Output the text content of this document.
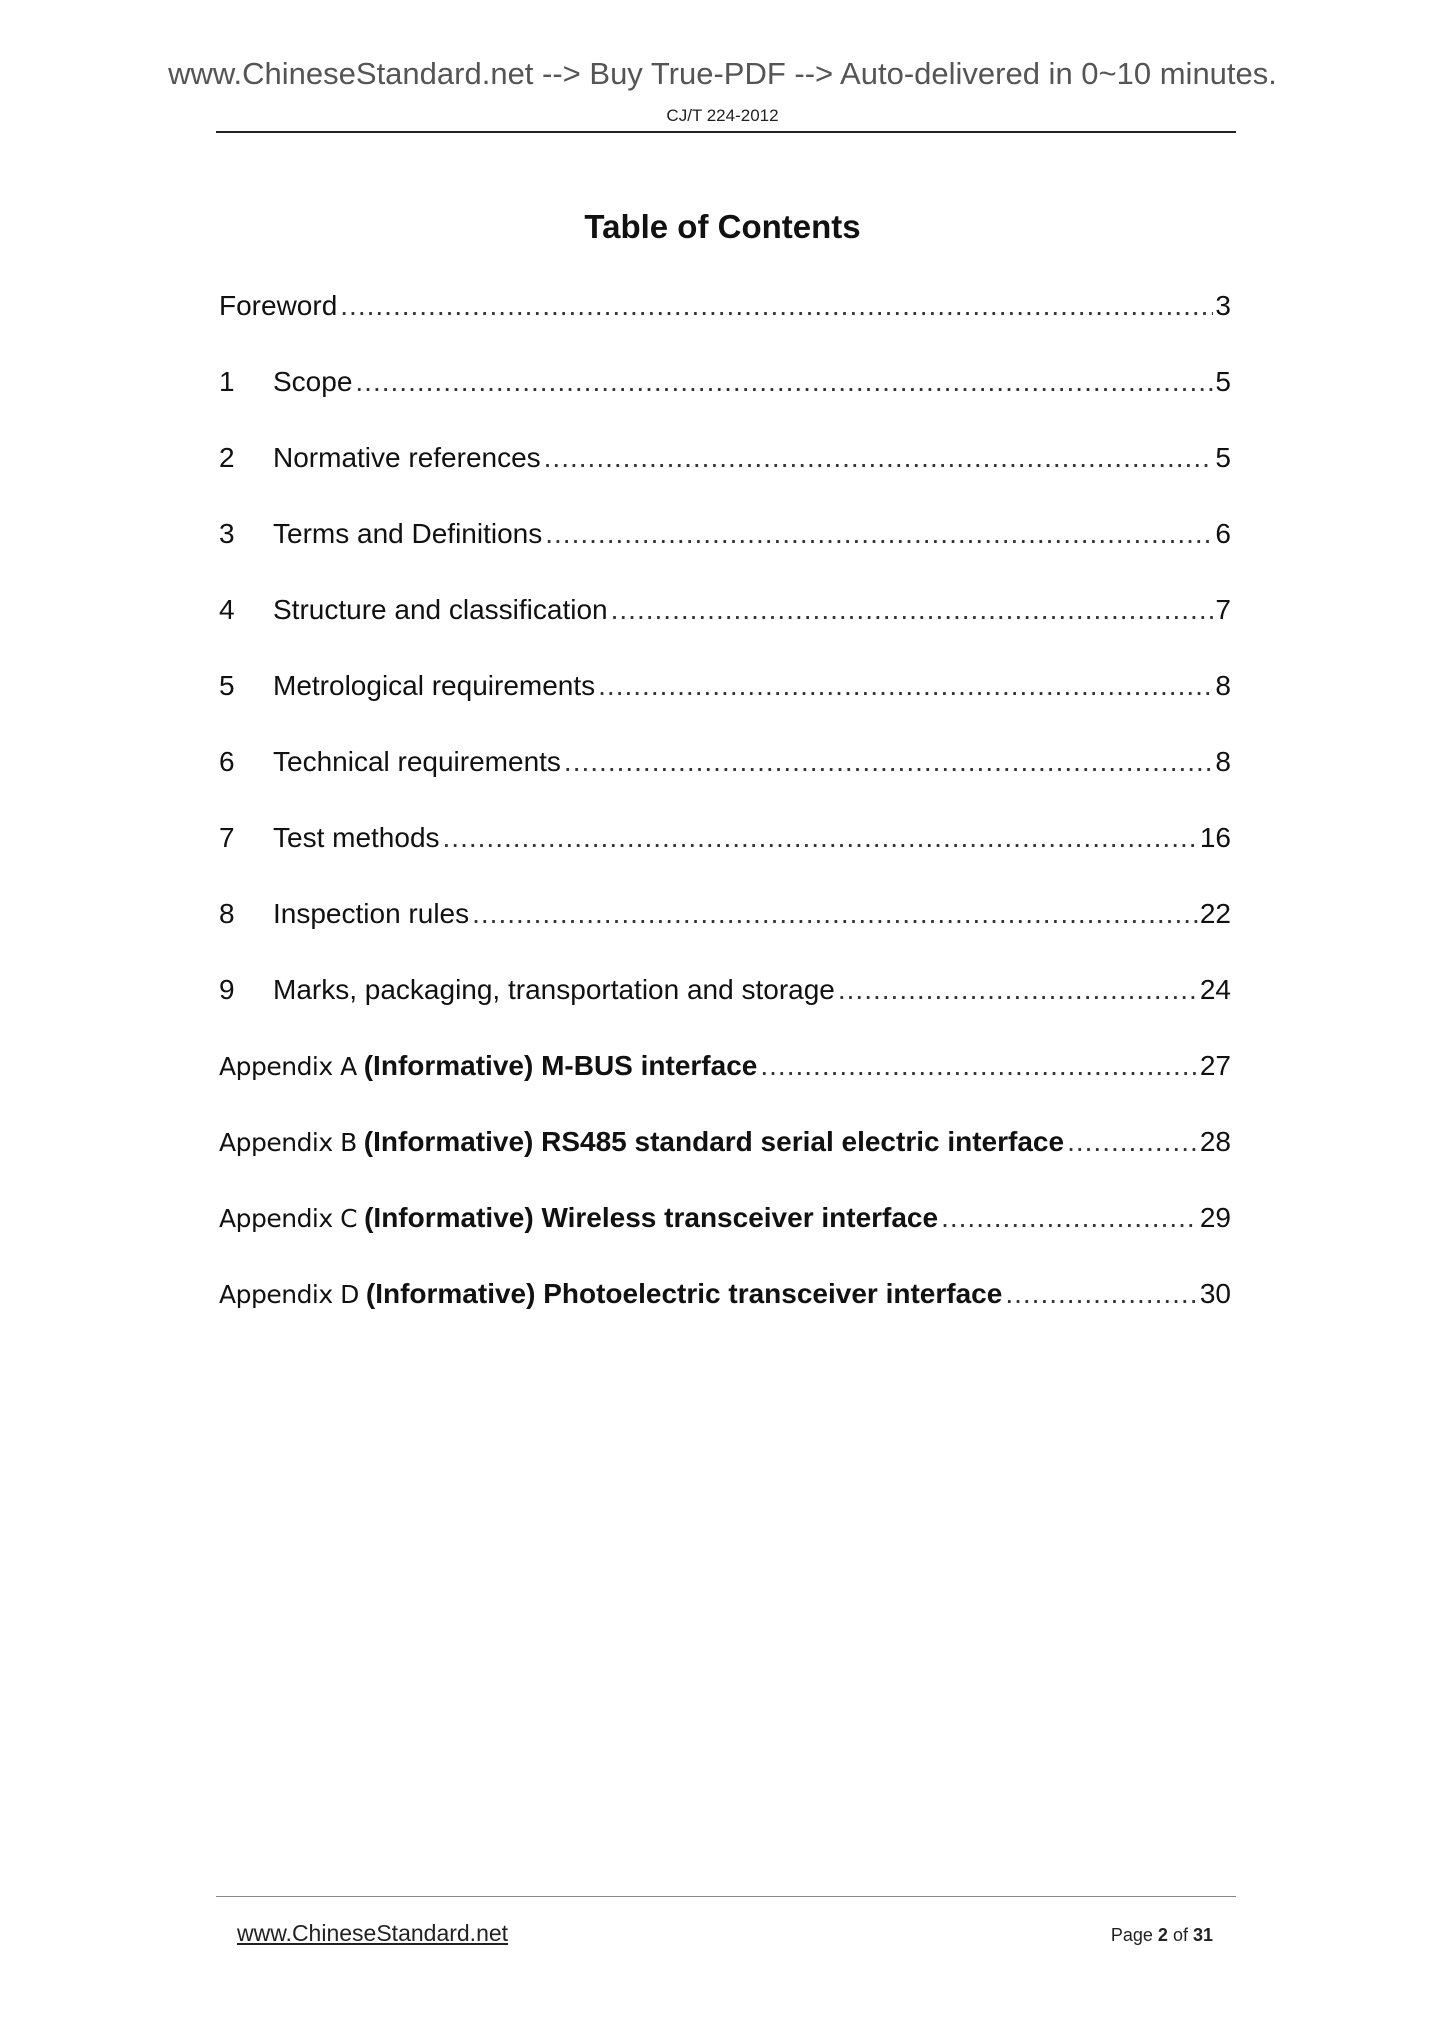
www.ChineseStandard.net --> Buy True-PDF --> Auto-delivered in 0~10 minutes.
CJ/T 224-2012
Table of Contents
Foreword .....	3
1	Scope .....	5
2	Normative references .....	5
3	Terms and Definitions .....	6
4	Structure and classification .....	7
5	Metrological requirements .....	8
6	Technical requirements .....	8
7	Test methods .....	16
8	Inspection rules .....	22
9	Marks, packaging, transportation and storage .....	24
Appendix A (Informative) M-BUS interface .....	27
Appendix B (Informative) RS485 standard serial electric interface .....	28
Appendix C (Informative) Wireless transceiver interface .....	29
Appendix D (Informative) Photoelectric transceiver interface .....	30
www.ChineseStandard.net	Page 2 of 31
